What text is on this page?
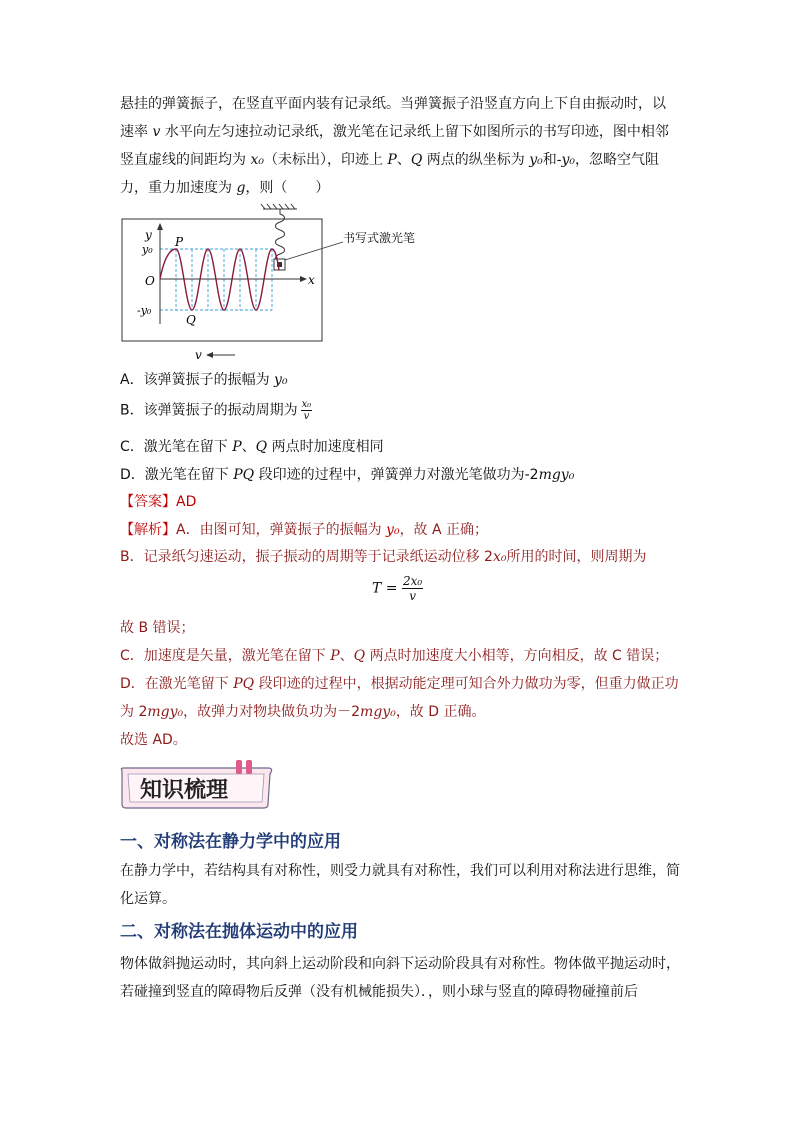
悬挂的弹簧振子，在竖直平面内装有记录纸。当弹簧振子沿竖直方向上下自由振动时，以
速率 v 水平向左匀速拉动记录纸，激光笔在记录纸上留下如图所示的书写印迹，图中相邻
竖直虚线的间距均为 x₀（未标出），印迹上 P、Q 两点的纵坐标为 y₀和-y₀，忽略空气阻
力，重力加速度为 g，则（　　）
书写式激光笔
y
x
O
y₀
-y₀
P
Q
v
A．该弹簧振子的振幅为 y₀
B．该弹簧振子的振动周期为 $\frac{\text{x₀}}{v}$
C．激光笔在留下 P、Q 两点时加速度相同
D．激光笔在留下 PQ 段印迹的过程中，弹簧弹力对激光笔做功为-2mgy₀
【答案】AD
【解析】A．由图可知，弹簧振子的振幅为 y₀，故 A 正确；
B．记录纸匀速运动，振子振动的周期等于记录纸运动位移 2x₀所用的时间，则周期为
$T = \frac{\text{2x₀}}{v}$
故 B 错误；
C．加速度是矢量，激光笔在留下 P、Q 两点时加速度大小相等，方向相反，故 C 错误；
D．在激光笔留下 PQ 段印迹的过程中，根据动能定理可知合外力做功为零，但重力做正功
为 2mgy₀，故弹力对物块做负功为－2mgy₀，故 D 正确。
故选 AD。
知识梳理
一、对称法在静力学中的应用
在静力学中，若结构具有对称性，则受力就具有对称性，我们可以利用对称法进行思维，简化运算。
二、对称法在抛体运动中的应用
物体做斜抛运动时，其向斜上运动阶段和向斜下运动阶段具有对称性。物体做平抛运动时，若碰撞到竖直的障碍物后反弹（没有机械能损失）．，则小球与竖直的障碍物碰撞前后
